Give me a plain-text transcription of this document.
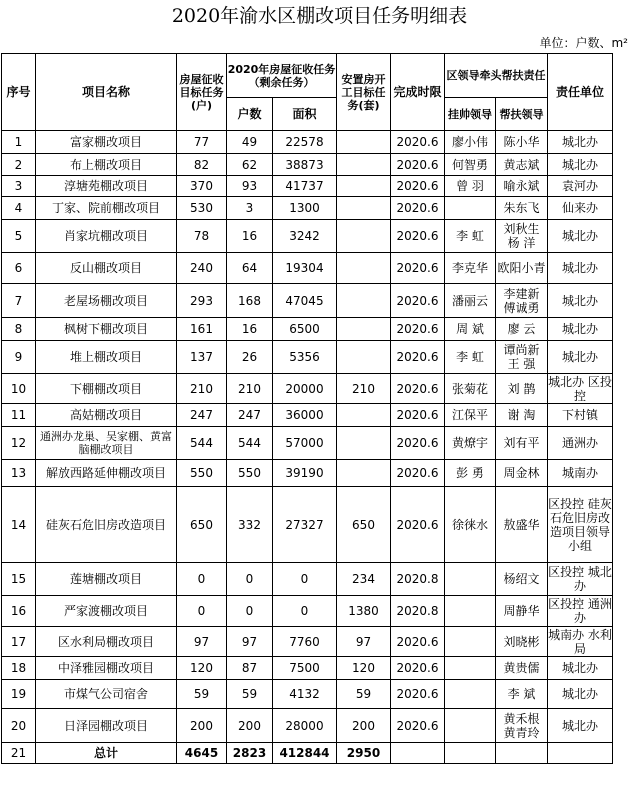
2020年渝水区棚改项目任务明细表
单位：户数、m²
序号	项目名称	房屋征收目标任务(户)	2020年房屋征收任务（剩余任务）		安置房开工目标任务(套)	完成时限	区领导牵头帮扶责任		责任单位
			户数	面积			挂帅领导	帮扶领导	
1	富家棚改项目	77	49	22578		2020.6	廖小伟	陈小华	城北办
2	布上棚改项目	82	62	38873		2020.6	何智勇	黄志斌	城北办
3	淳塘苑棚改项目	370	93	41737		2020.6	曾 羽	喻永斌	袁河办
4	丁家、院前棚改项目	530	3	1300		2020.6		朱东飞	仙来办
5	肖家坑棚改项目	78	16	3242		2020.6	李 虹	刘秋生 杨 洋	城北办
6	反山棚改项目	240	64	19304		2020.6	李克华	欧阳小青	城北办
7	老屋场棚改项目	293	168	47045		2020.6	潘丽云	李建新 傅诚勇	城北办
8	枫树下棚改项目	161	16	6500		2020.6	周 斌	廖 云	城北办
9	堆上棚改项目	137	26	5356		2020.6	李 虹	谭尚新 王 强	城北办
10	下棚棚改项目	210	210	20000	210	2020.6	张菊花	刘 鹊	城北办 区投控
11	高姑棚改项目	247	247	36000		2020.6	江保平	谢 淘	下村镇
12	通洲办龙巢、吴家棚、黄富脑棚改项目	544	544	57000		2020.6	黄燎宇	刘有平	通洲办
13	解放西路延伸棚改项目	550	550	39190		2020.6	彭 勇	周金林	城南办
14	硅灰石危旧房改造项目	650	332	27327	650	2020.6	徐徕水	敖盛华	区投控 硅灰石危旧房改造项目领导小组
15	莲塘棚改项目	0	0	0	234	2020.8		杨绍文	区投控 城北办
16	严家渡棚改项目	0	0	0	1380	2020.8		周静华	区投控 通洲办
17	区水利局棚改项目	97	97	7760	97	2020.6		刘晓彬	城南办 水利局
18	中泽雅园棚改项目	120	87	7500	120	2020.6		黄贵儒	城北办
19	市煤气公司宿舍	59	59	4132	59	2020.6		李 斌	城北办
20	日泽园棚改项目	200	200	28000	200	2020.6		黄禾根 黄青玲	城北办
21	总计	4645	2823	412844	2950				
